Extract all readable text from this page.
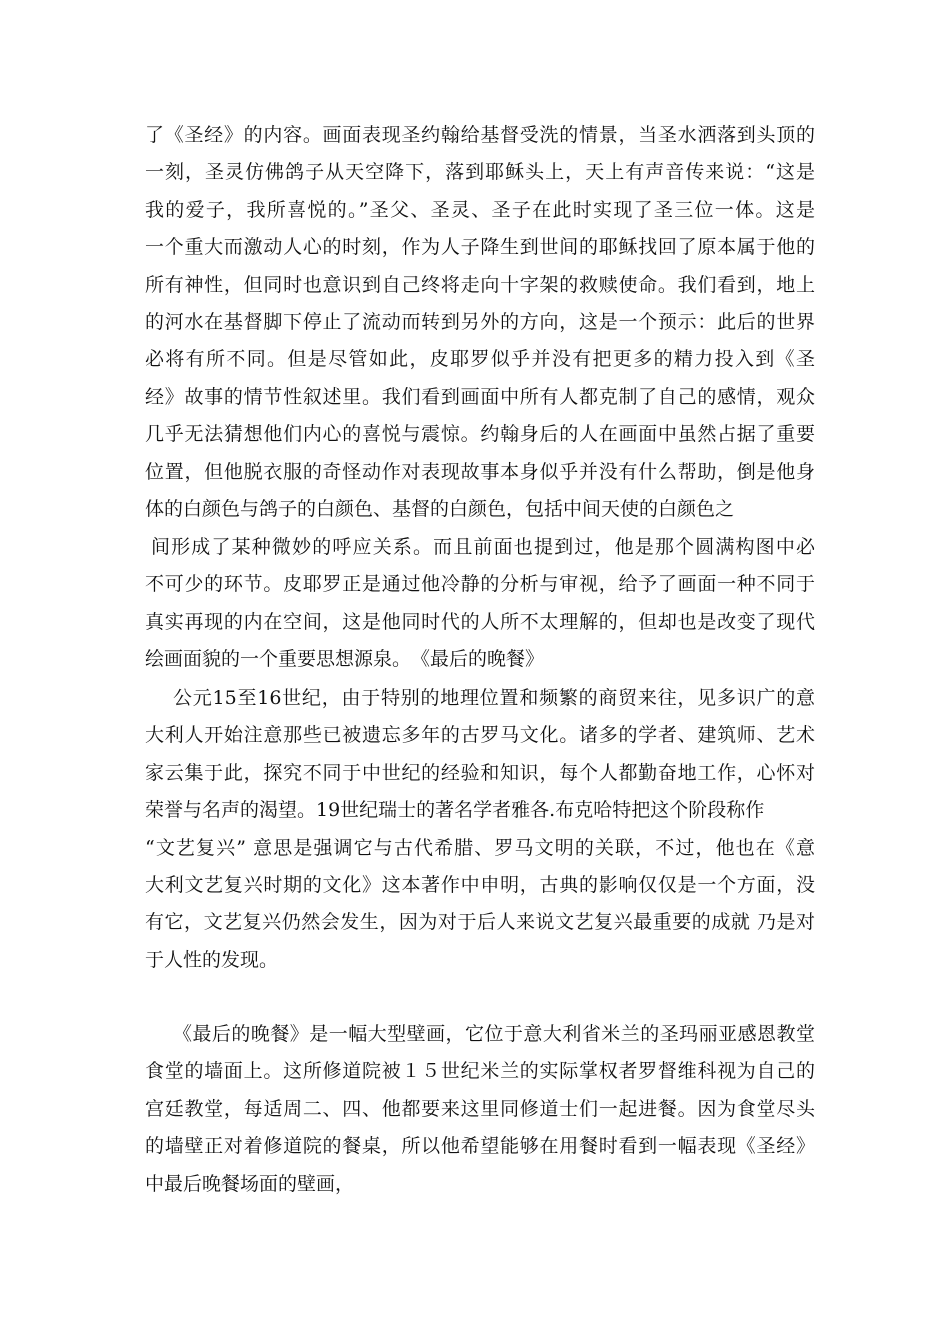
了《圣经》的内容。画面表现圣约翰给基督受洗的情景，当圣水洒落到头顶的
一刻，圣灵仿佛鸽子从天空降下，落到耶稣头上，天上有声音传来说：“这是
我的爱子，我所喜悦的。”圣父、圣灵、圣子在此时实现了圣三位一体。这是
一个重大而激动人心的时刻，作为人子降生到世间的耶稣找回了原本属于他的
所有神性，但同时也意识到自己终将走向十字架的救赎使命。我们看到，地上
的河水在基督脚下停止了流动而转到另外的方向，这是一个预示：此后的世界
必将有所不同。但是尽管如此，皮耶罗似乎并没有把更多的精力投入到《圣
经》故事的情节性叙述里。我们看到画面中所有人都克制了自己的感情，观众
几乎无法猜想他们内心的喜悦与震惊。约翰身后的人在画面中虽然占据了重要
位置，但他脱衣服的奇怪动作对表现故事本身似乎并没有什么帮助，倒是他身
体的白颜色与鸽子的白颜色、基督的白颜色，包括中间天使的白颜色之
间形成了某种微妙的呼应关系。而且前面也提到过，他是那个圆满构图中必
不可少的环节。皮耶罗正是通过他冷静的分析与审视，给予了画面一种不同于
真实再现的内在空间，这是他同时代的人所不太理解的，但却也是改变了现代
绘画面貌的一个重要思想源泉。　《最后的晚餐》
公元15至16世纪，由于特别的地理位置和频繁的商贸来往，见多识广的意
大利人开始注意那些已被遗忘多年的古罗马文化。诸多的学者、建筑师、艺术
家云集于此，探究不同于中世纪的经验和知识，每个人都勤奋地工作，心怀对
荣誉与名声的渴望。19世纪瑞士的著名学者雅各.布克哈特把这个阶段称作
“文艺复兴” 意思是强调它与古代希腊、罗马文明的关联，不过，他也在《意
大利文艺复兴时期的文化》这本著作中申明，古典的影响仅仅是一个方面，没
有它，文艺复兴仍然会发生，因为对于后人来说文艺复兴最重要的成就 乃是对
于人性的发现。
《最后的晚餐》是一幅大型壁画，它位于意大利省米兰的圣玛丽亚感恩教堂
食堂的墙面上。这所修道院被１５世纪米兰的实际掌权者罗督维科视为自己的
宫廷教堂，每适周二、四、他都要来这里同修道士们一起进餐。因为食堂尽头
的墙壁正对着修道院的餐桌，所以他希望能够在用餐时看到一幅表现《圣经》
中最后晚餐场面的壁画，
